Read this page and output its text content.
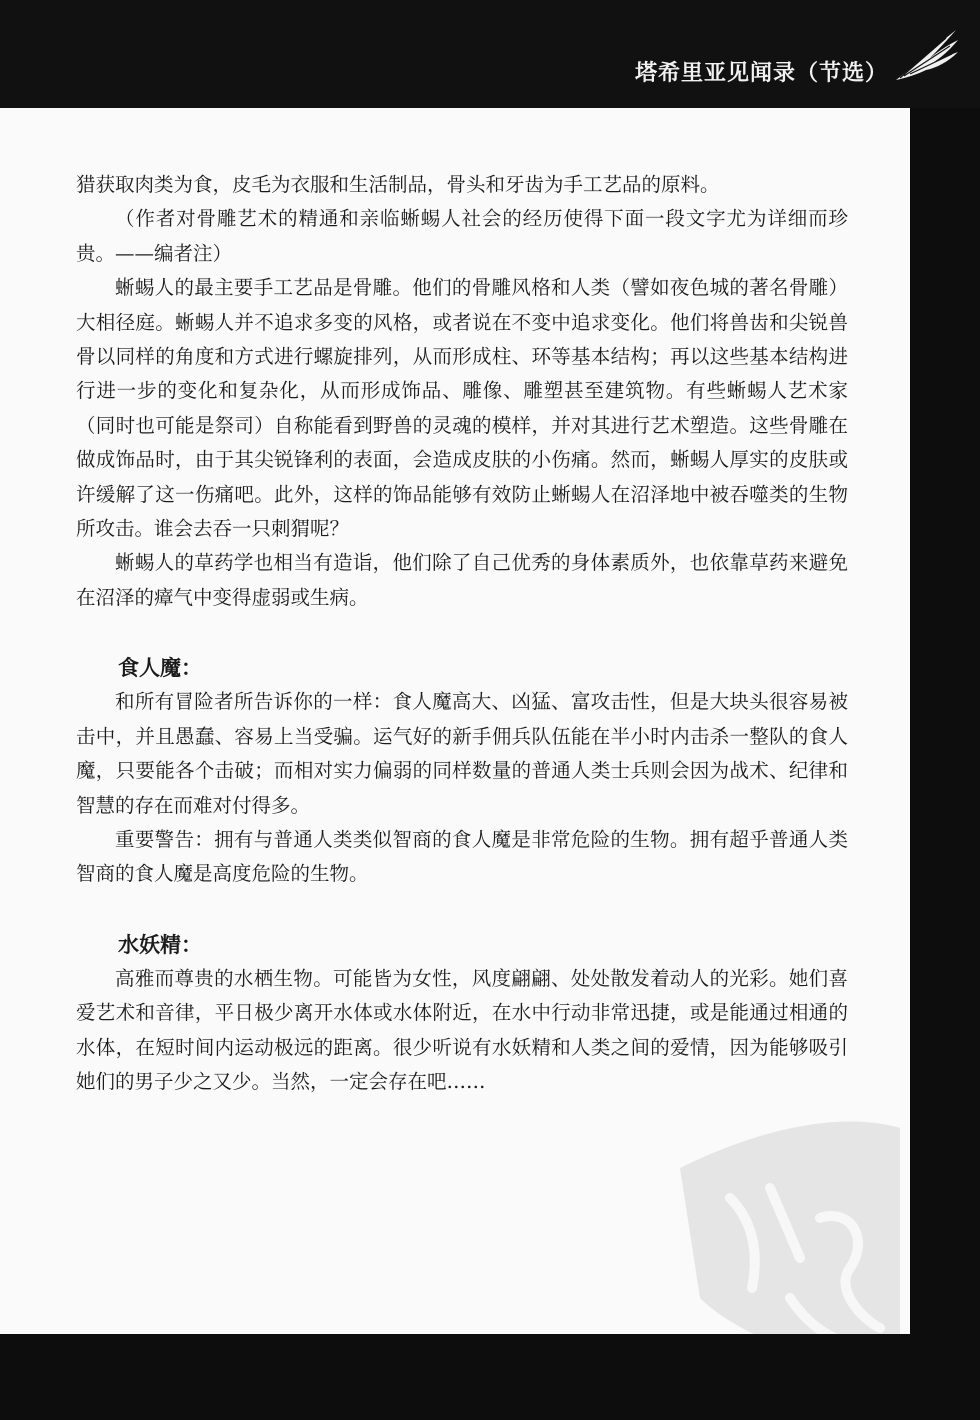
塔希里亚见闻录（节选）

猎获取肉类为食，皮毛为衣服和生活制品，骨头和牙齿为手工艺品的原料。

（作者对骨雕艺术的精通和亲临蜥蜴人社会的经历使得下面一段文字尤为详细而珍贵。——编者注）

蜥蜴人的最主要手工艺品是骨雕。他们的骨雕风格和人类（譬如夜色城的著名骨雕）大相径庭。蜥蜴人并不追求多变的风格，或者说在不变中追求变化。他们将兽齿和尖锐兽骨以同样的角度和方式进行螺旋排列，从而形成柱、环等基本结构；再以这些基本结构进行进一步的变化和复杂化，从而形成饰品、雕像、雕塑甚至建筑物。有些蜥蜴人艺术家（同时也可能是祭司）自称能看到野兽的灵魂的模样，并对其进行艺术塑造。这些骨雕在做成饰品时，由于其尖锐锋利的表面，会造成皮肤的小伤痛。然而，蜥蜴人厚实的皮肤或许缓解了这一伤痛吧。此外，这样的饰品能够有效防止蜥蜴人在沼泽地中被吞噬类的生物所攻击。谁会去吞一只刺猬呢？

蜥蜴人的草药学也相当有造诣，他们除了自己优秀的身体素质外，也依靠草药来避免在沼泽的瘴气中变得虚弱或生病。

食人魔：

和所有冒险者所告诉你的一样：食人魔高大、凶猛、富攻击性，但是大块头很容易被击中，并且愚蠢、容易上当受骗。运气好的新手佣兵队伍能在半小时内击杀一整队的食人魔，只要能各个击破；而相对实力偏弱的同样数量的普通人类士兵则会因为战术、纪律和智慧的存在而难对付得多。

重要警告：拥有与普通人类类似智商的食人魔是非常危险的生物。拥有超乎普通人类智商的食人魔是高度危险的生物。

水妖精：

高雅而尊贵的水栖生物。可能皆为女性，风度翩翩、处处散发着动人的光彩。她们喜爱艺术和音律，平日极少离开水体或水体附近，在水中行动非常迅捷，或是能通过相通的水体，在短时间内运动极远的距离。很少听说有水妖精和人类之间的爱情，因为能够吸引她们的男子少之又少。当然，一定会存在吧……
